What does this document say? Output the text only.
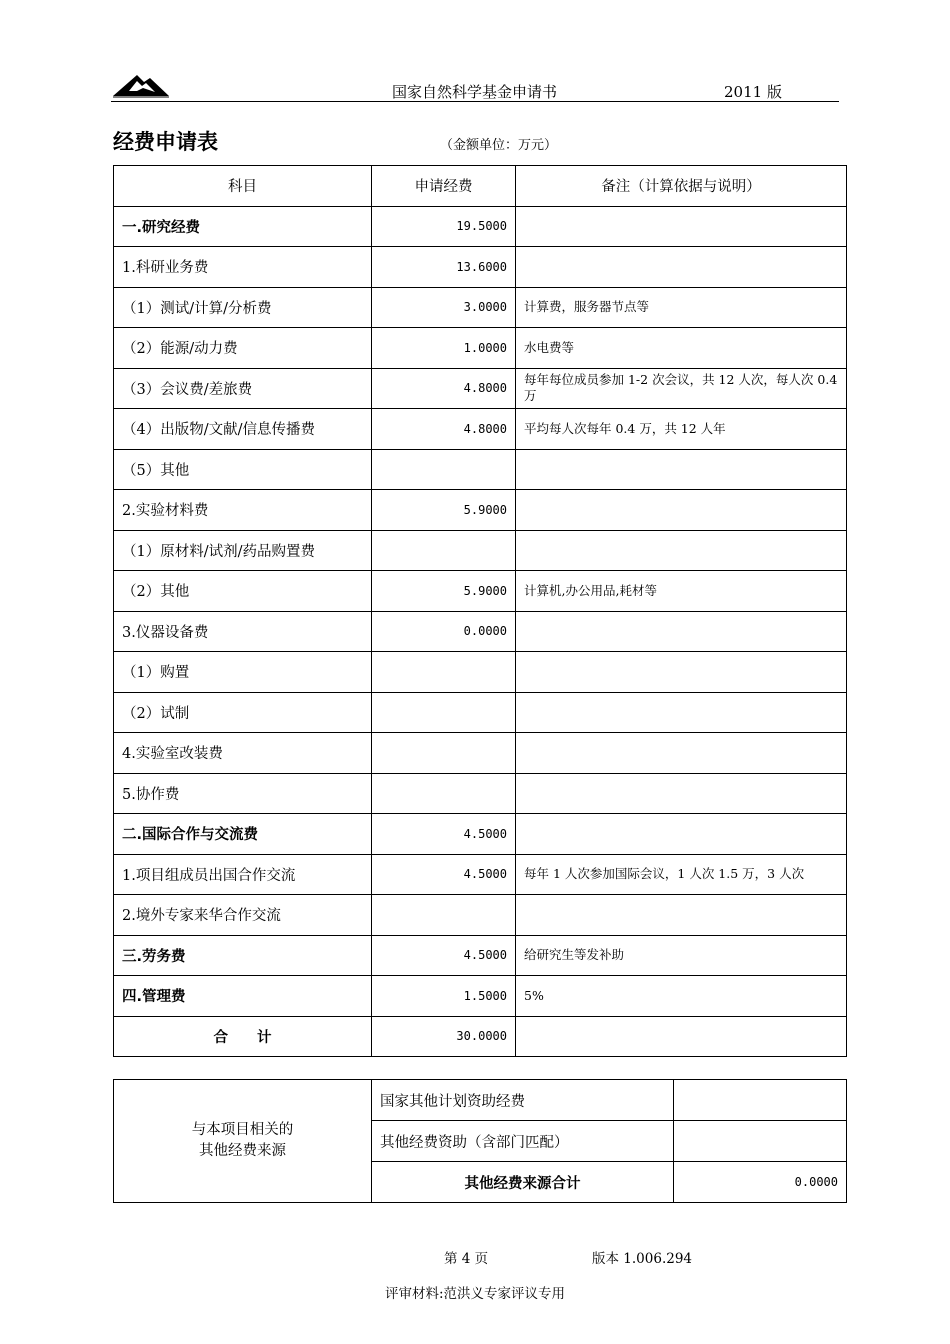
国家自然科学基金申请书	2011 版
经费申请表	（金额单位：万元）
科目	申请经费	备注（计算依据与说明）
一.研究经费	19.5000	
1.科研业务费	13.6000	
（1）测试/计算/分析费	3.0000	计算费，服务器节点等
（2）能源/动力费	1.0000	水电费等
（3）会议费/差旅费	4.8000	每年每位成员参加 1-2 次会议，共 12 人次，每人次 0.4 万
（4）出版物/文献/信息传播费	4.8000	平均每人次每年 0.4 万，共 12 人年
（5）其他		
2.实验材料费	5.9000	
（1）原材料/试剂/药品购置费		
（2）其他	5.9000	计算机,办公用品,耗材等
3.仪器设备费	0.0000	
（1）购置		
（2）试制		
4.实验室改装费		
5.协作费		
二.国际合作与交流费	4.5000	
1.项目组成员出国合作交流	4.5000	每年 1 人次参加国际会议，1 人次 1.5 万，3 人次
2.境外专家来华合作交流		
三.劳务费	4.5000	给研究生等发补助
四.管理费	1.5000	5%
合　　计	30.0000	
与本项目相关的
其他经费来源	国家其他计划资助经费	
	其他经费资助（含部门匹配）	
	其他经费来源合计	0.0000
第 4 页	版本 1.006.294
评审材料:范洪义专家评议专用
